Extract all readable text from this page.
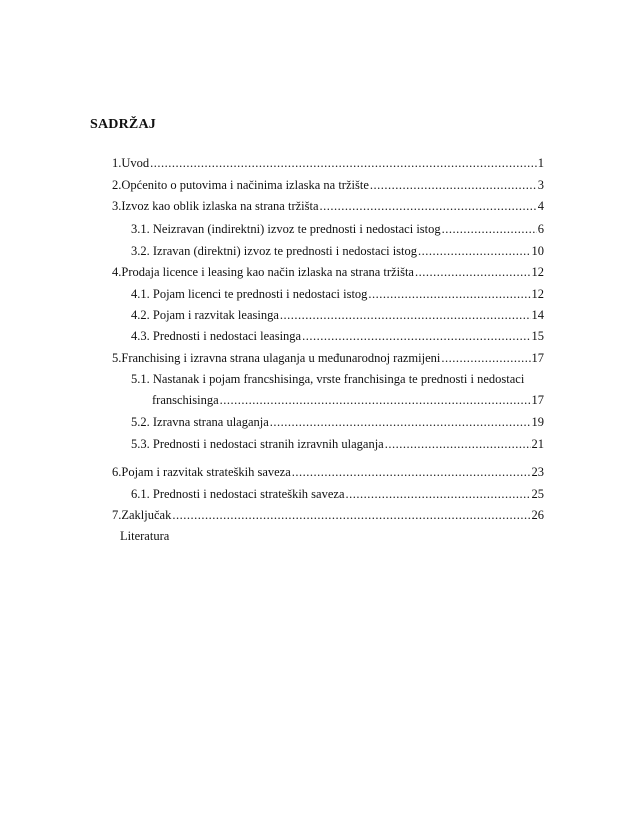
SADRŽAJ
1. Uvod .....	1
2. Općenito o putovima i načinima izlaska na tržište .....	3
3. Izvoz kao oblik izlaska na strana tržišta .....	4
3.1. Neizravan (indirektni) izvoz te prednosti i nedostaci istog .....	6
3.2. Izravan (direktni) izvoz te prednosti i nedostaci istog .....	10
4. Prodaja licence i leasing kao način izlaska na strana tržišta .....	12
4.1. Pojam licenci te prednosti i nedostaci istog .....	12
4.2. Pojam i razvitak leasinga .....	14
4.3. Prednosti i nedostaci leasinga .....	15
5. Franchising i izravna strana ulaganja u međunarodnoj razmijeni .....	17
5.1. Nastanak i pojam francshisinga, vrste franchisinga te prednosti i nedostaci
franschisinga .....	17
5.2. Izravna strana ulaganja .....	19
5.3. Prednosti i nedostaci stranih izravnih ulaganja .....	21
6. Pojam i razvitak strateških saveza .....	23
6.1. Prednosti i nedostaci strateških saveza .....	25
7. Zaključak .....	26
Literatura
